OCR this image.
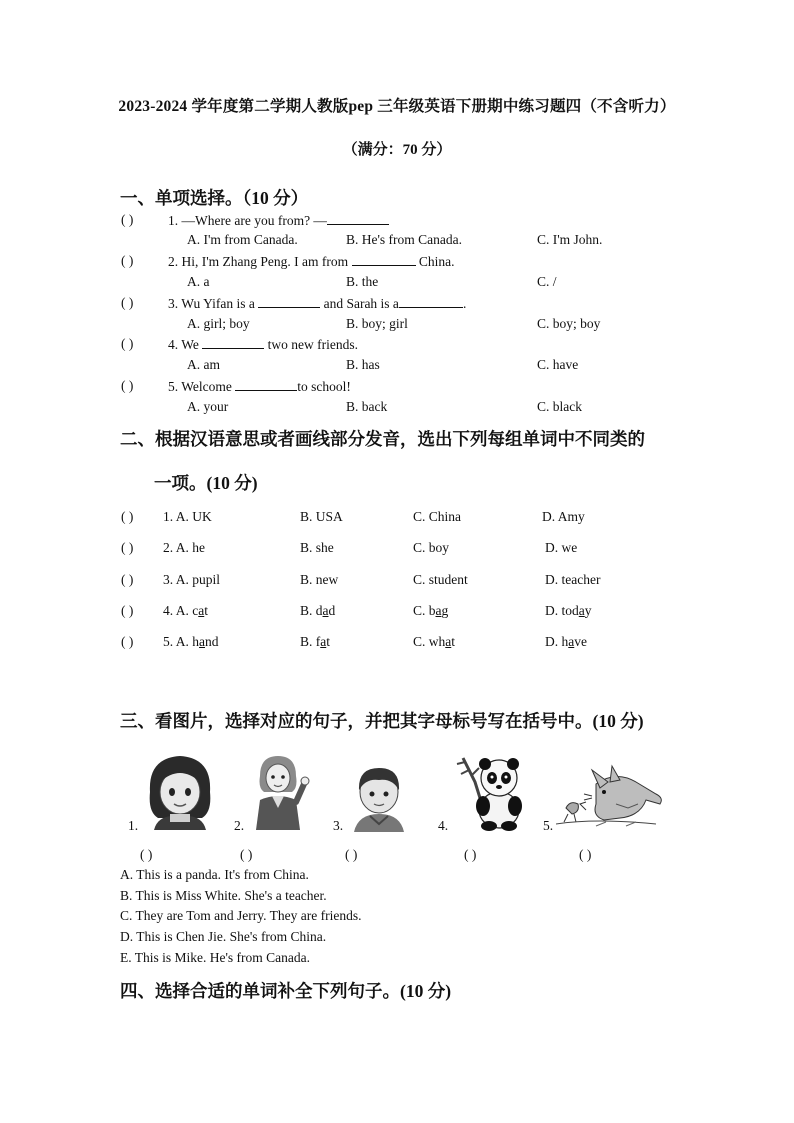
2023-2024 学年度第二学期人教版pep 三年级英语下册期中练习题四（不含听力）
（满分：70 分）
一、单项选择。（10 分）
( )	1. —Where are you from? —
A. I'm from Canada.	B. He's from Canada.	C. I'm John.
( )	2. Hi, I'm Zhang Peng. I am from	China.
A. a	B. the	C. /
( )	3. Wu Yifan is a	and Sarah is a	.
A. girl; boy	B. boy; girl	C. boy; boy
( )	4. We	two new friends.
A. am	B. has	C. have
( )	5. Welcome	to school!
A. your	B. back	C. black
二、根据汉语意思或者画线部分发音，选出下列每组单词中不同类的
一项。(10 分)
( ) 1. A. UK	B. USA	C. China	D. Amy
( ) 2. A. he	B. she	C. boy	D. we
( ) 3. A. pupil	B. new	C. student	D. teacher
( ) 4. A. cat	B. dad	C. bag	D. today
( ) 5. A. hand	B. fat	C. what	D. have
三、看图片，选择对应的句子，并把其字母标号写在括号中。(10 分)
1.	2.	3.	4.	5.
( )	( )	( )	( )	( )
A. This is a panda. It's from China.
B. This is Miss White. She's a teacher.
C. They are Tom and Jerry. They are friends.
D. This is Chen Jie. She's from China.
E. This is Mike. He's from Canada.
四、选择合适的单词补全下列句子。(10 分)
